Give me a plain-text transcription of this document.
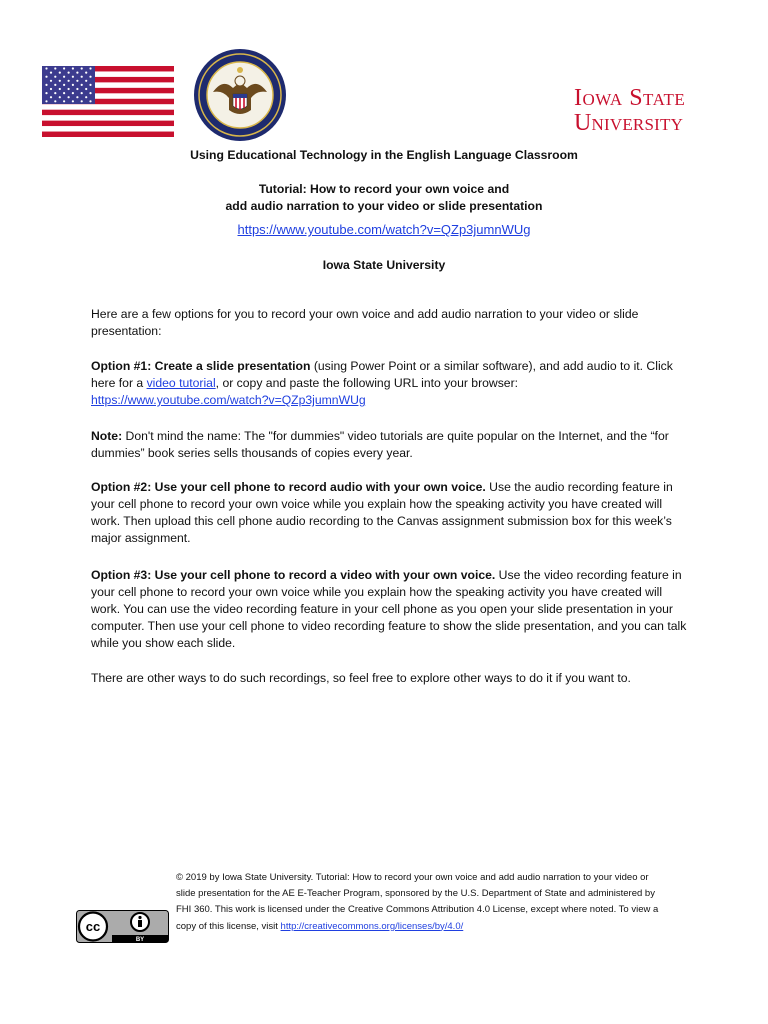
Iowa State
University
Using Educational Technology in the English Language Classroom
Tutorial: How to record your own voice and
add audio narration to your video or slide presentation
https://www.youtube.com/watch?v=QZp3jumnWUg
Iowa State University
Here are a few options for you to record your own voice and add audio narration to your video or slide presentation:
Option #1: Create a slide presentation (using Power Point or a similar software), and add audio to it. Click here for a video tutorial, or copy and paste the following URL into your browser:
https://www.youtube.com/watch?v=QZp3jumnWUg
Note: Don't mind the name: The "for dummies" video tutorials are quite popular on the Internet, and the “for dummies” book series sells thousands of copies every year.
Option #2: Use your cell phone to record audio with your own voice. Use the audio recording feature in your cell phone to record your own voice while you explain how the speaking activity you have created will work. Then upload this cell phone audio recording to the Canvas assignment submission box for this week’s major assignment.
Option #3: Use your cell phone to record a video with your own voice. Use the video recording feature in your cell phone to record your own voice while you explain how the speaking activity you have created will work. You can use the video recording feature in your cell phone as you open your slide presentation in your computer. Then use your cell phone to video recording feature to show the slide presentation, and you can talk while you show each slide.
There are other ways to do such recordings, so feel free to explore other ways to do it if you want to.
cc
BY
© 2019 by Iowa State University. Tutorial: How to record your own voice and add audio narration to your video or slide presentation for the AE E-Teacher Program, sponsored by the U.S. Department of State and administered by FHI 360. This work is licensed under the Creative Commons Attribution 4.0 License, except where noted. To view a copy of this license, visit http://creativecommons.org/licenses/by/4.0/
